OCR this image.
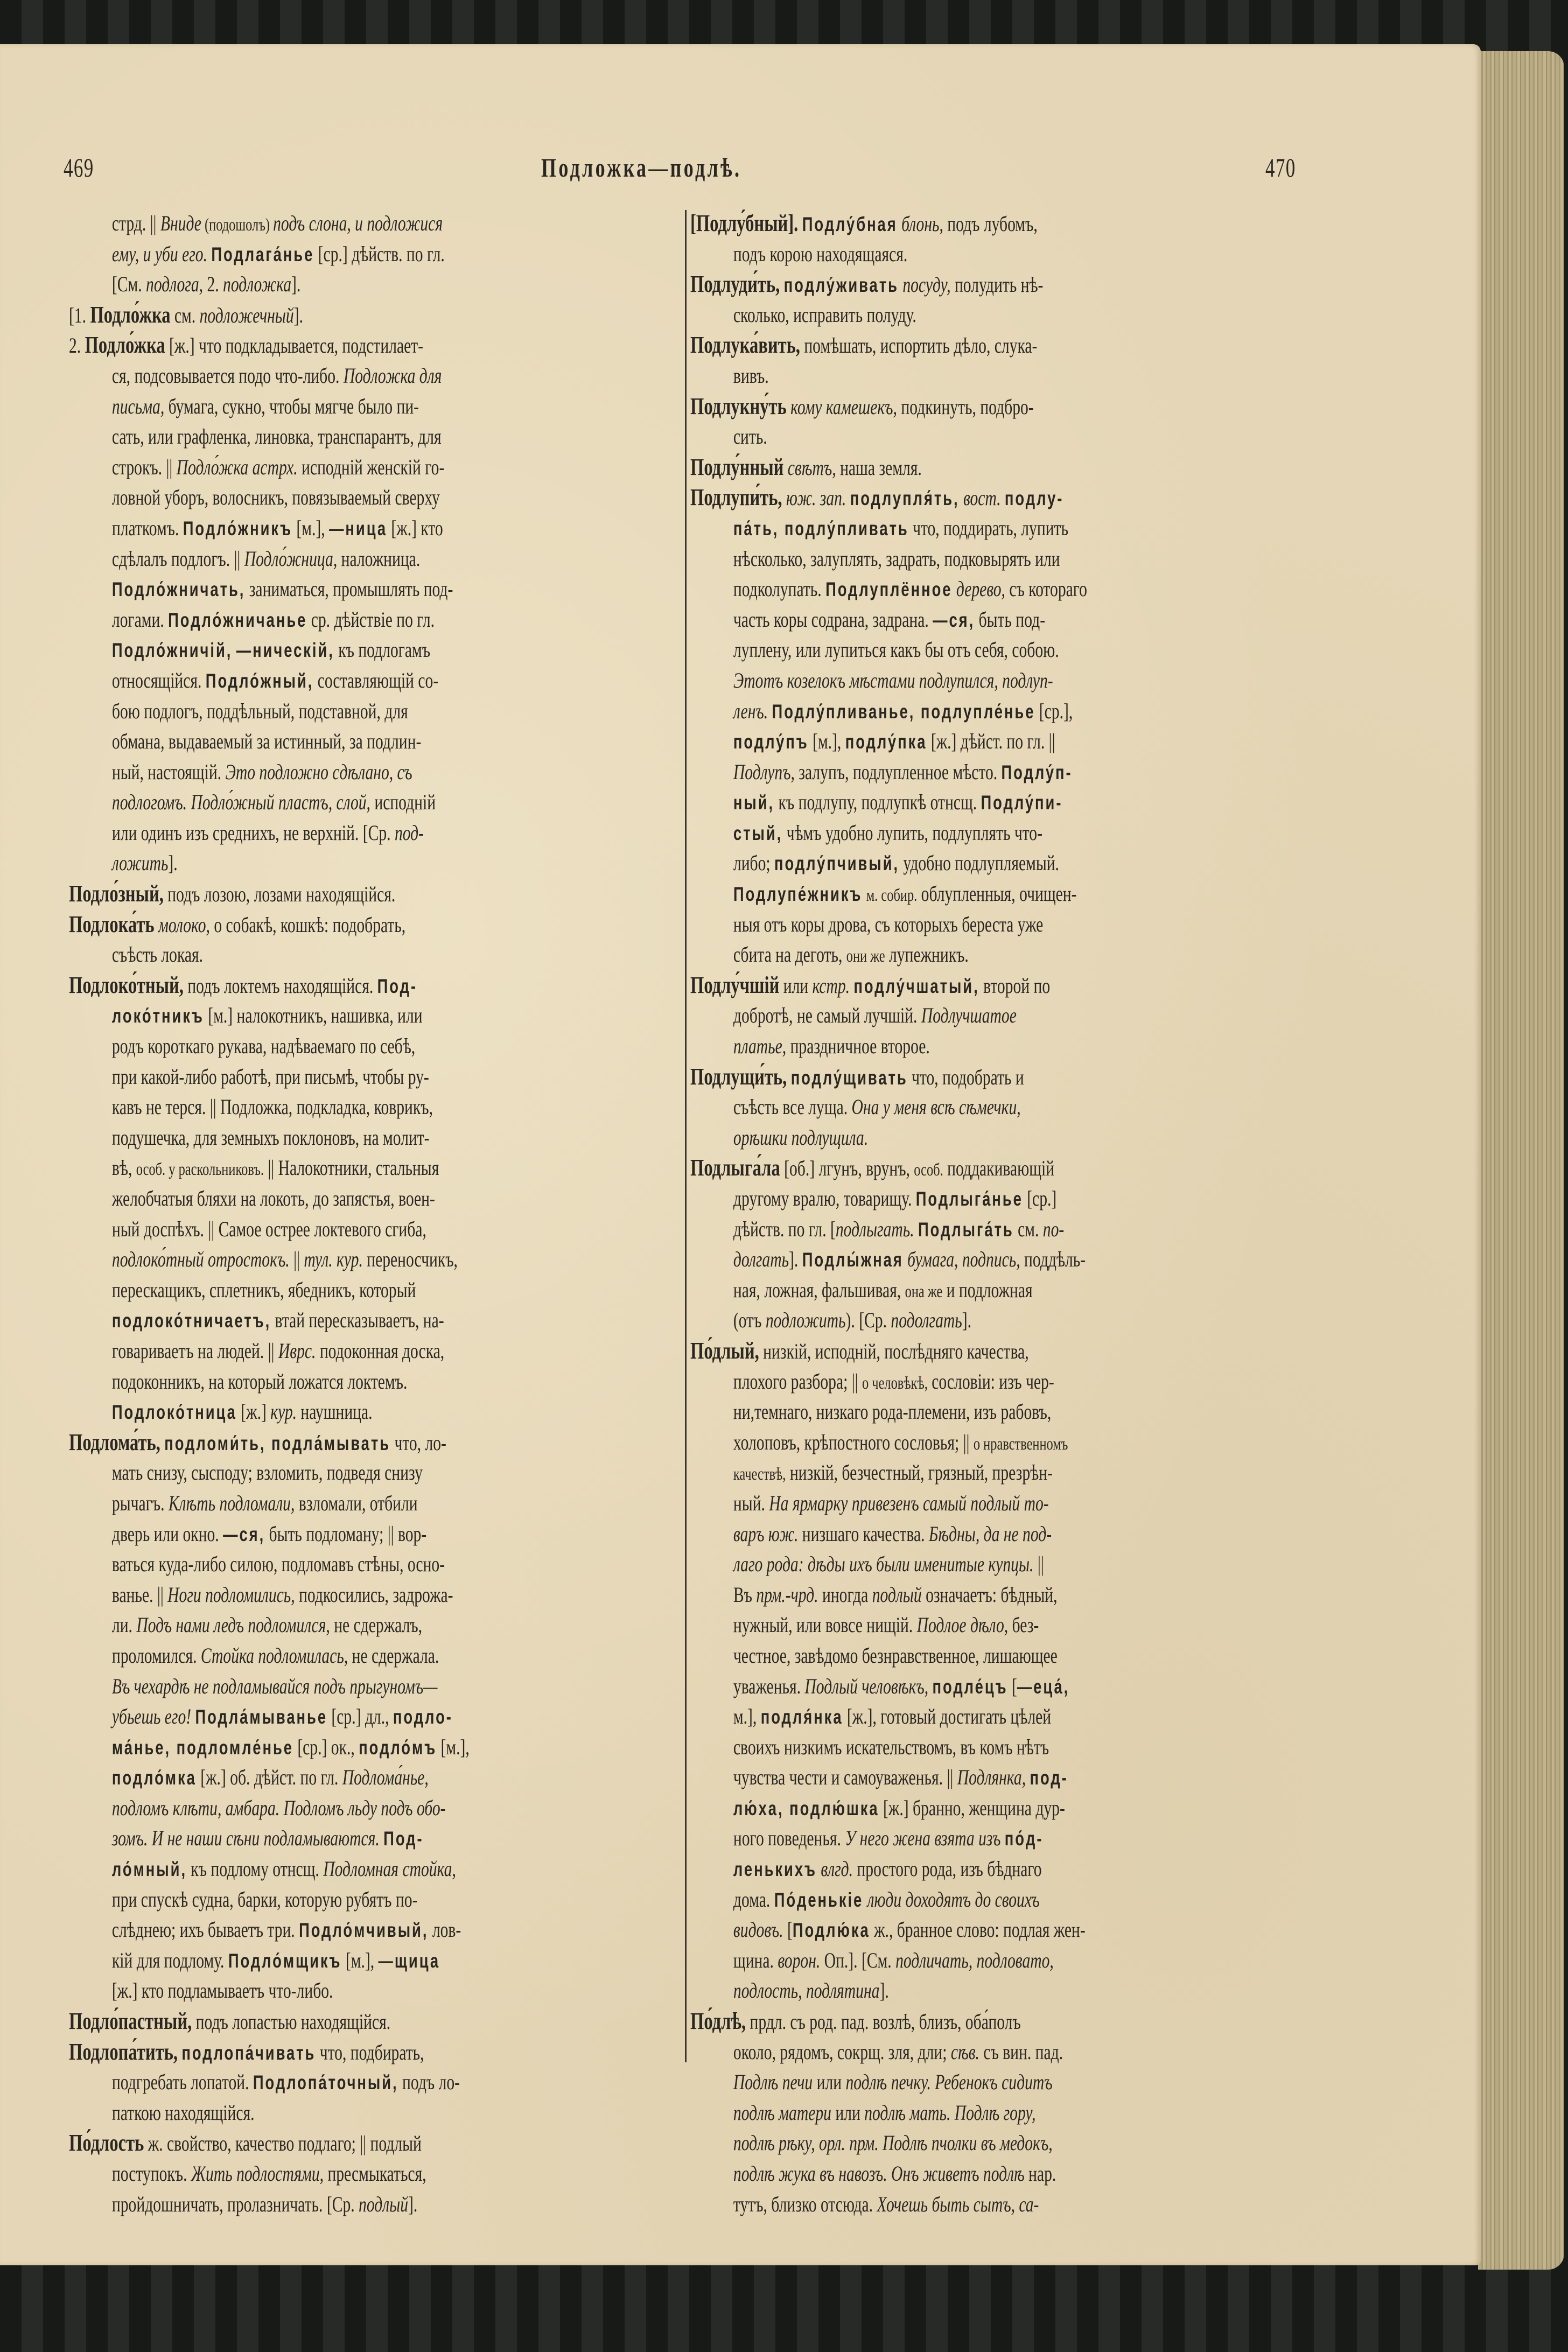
469	Подложка—подлѣ.	470
стрд. || Вниде (подошолъ) подъ слона, и подложися
ему, и уби его. Подлага́нье [ср.] дѣйств. по гл.
[См. подлога, 2. подложка].
[1. Подло́жка см. подложечный].
2. Подло́жка [ж.] что подкладывается, подстилает-
ся, подсовывается подо что-либо. Подложка для
письма, бумага, сукно, чтобы мягче было пи-
сать, или графленка, линовка, транспарантъ, для
строкъ. || Подло́жка астрх. исподній женскій го-
ловной уборъ, волосникъ, повязываемый сверху
платкомъ. Подло́жникъ [м.], —ница [ж.] кто
сдѣлалъ подлогъ. || Подло́жница, наложница.
Подло́жничать, заниматься, промышлять под-
логами. Подло́жничанье ср. дѣйствіе по гл.
Подло́жничій, —ническій, къ подлогамъ
относящійся. Подло́жный, составляющій со-
бою подлогъ, поддѣльный, подставной, для
обмана, выдаваемый за истинный, за подлин-
ный, настоящій. Это подложно сдѣлано, съ
подлогомъ. Подло́жный пластъ, слой, исподній
или одинъ изъ среднихъ, не верхній. [Ср. под-
ложить].
Подло́зный, подъ лозою, лозами находящійся.
Подлока́ть молоко, о собакѣ, кошкѣ: подобрать,
съѣсть локая.
Подлоко́тный, подъ локтемъ находящійся. Под-
локо́тникъ [м.] налокотникъ, нашивка, или
родъ короткаго рукава, надѣваемаго по себѣ,
при какой-либо работѣ, при письмѣ, чтобы ру-
кавъ не терся. || Подложка, подкладка, коврикъ,
подушечка, для земныхъ поклоновъ, на молит-
вѣ, особ. у раскольниковъ. || Налокотники, стальныя
желобчатыя бляхи на локоть, до запястья, воен-
ный доспѣхъ. || Самое острее локтевого сгиба,
подлоко́тный отростокъ. || тул. кур. переносчикъ,
перескащикъ, сплетникъ, ябедникъ, который
подлоко́тничаетъ, втай пересказываетъ, на-
говариваетъ на людей. || Иврс. подоконная доска,
подоконникъ, на который ложатся локтемъ.
Подлоко́тница [ж.] кур. наушница.
Подлома́ть, подломи́ть, подла́мывать что, ло-
мать снизу, сысподу; взломить, подведя снизу
рычагъ. Клѣть подломали, взломали, отбили
дверь или окно. —ся, быть подломану; || вор-
ваться куда-либо силою, подломавъ стѣны, осно-
ванье. || Ноги подломились, подкосились, задрожа-
ли. Подъ нами ледъ подломился, не сдержалъ,
проломился. Стойка подломилась, не сдержала.
Въ чехардѣ не подламывайся подъ прыгуномъ—
убьешь его! Подла́мыванье [ср.] дл., подло-
ма́нье, подломле́нье [ср.] ок., подло́мъ [м.],
подло́мка [ж.] об. дѣйст. по гл. Подлома́нье,
подломъ клѣти, амбара. Подломъ льду подъ обо-
зомъ. И не наши сѣни подламываются. Под-
ло́мный, къ подлому отнсщ. Подломная стойка,
при спускѣ судна, барки, которую рубятъ по-
слѣднею; ихъ бываетъ три. Подло́мчивый, лов-
кій для подлому. Подло́мщикъ [м.], —щица
[ж.] кто подламываетъ что-либо.
Подло́пастный, подъ лопастью находящійся.
Подлопа́тить, подлопа́чивать что, подбирать,
подгребать лопатой. Подлопа́точный, подъ ло-
паткою находящійся.
По́длость ж. свойство, качество подлаго; || подлый
поступокъ. Жить подлостями, пресмыкаться,
пройдошничать, пролазничать. [Ср. подлый].
[Подлу́бный]. Подлу́бная блонь, подъ лубомъ,
подъ корою находящаяся.
Подлуди́ть, подлу́живать посуду, полудить нѣ-
сколько, исправить полуду.
Подлука́вить, помѣшать, испортить дѣло, слука-
вивъ.
Подлукну́ть кому камешекъ, подкинуть, подбро-
сить.
Подлу́нный свѣтъ, наша земля.
Подлупи́ть, юж. зап. подлупля́ть, вост. подлу-
па́ть, подлу́пливать что, поддирать, лупить
нѣсколько, залуплять, задрать, подковырять или
подколупать. Подлуплённое дерево, съ котораго
часть коры содрана, задрана. —ся, быть под-
луплену, или лупиться какъ бы отъ себя, собою.
Этотъ козелокъ мѣстами подлупился, подлуп-
ленъ. Подлу́пливанье, подлупле́нье [ср.],
подлу́пъ [м.], подлу́пка [ж.] дѣйст. по гл. ||
Подлупъ, залупъ, подлупленное мѣсто. Подлу́п-
ный, къ подлупу, подлупкѣ отнсщ. Подлу́пи-
стый, чѣмъ удобно лупить, подлуплять что-
либо; подлу́пчивый, удобно подлупляемый.
Подлупе́жникъ м. собир. облупленныя, очищен-
ныя отъ коры дрова, съ которыхъ береста уже
сбита на деготь, они же лупежникъ.
Подлу́чшій или кстр. подлу́чшатый, второй по
добротѣ, не самый лучшій. Подлучшатое
платье, праздничное второе.
Подлущи́ть, подлу́щивать что, подобрать и
съѣсть все луща. Она у меня всѣ сѣмечки,
орѣшки подлущила.
Подлыга́ла [об.] лгунъ, врунъ, особ. поддакивающій
другому вралю, товарищу. Подлыга́нье [ср.]
дѣйств. по гл. [подлыгать. Подлыга́ть см. по-
долгать]. Подлы́жная бумага, подпись, поддѣль-
ная, ложная, фальшивая, она же и подложная
(отъ подложить). [Ср. подолгать].
По́длый, низкій, исподній, послѣдняго качества,
плохого разбора; || о человѣкѣ, сословіи: изъ чер-
ни,темнаго, низкаго рода-племени, изъ рабовъ,
холоповъ, крѣпостного сословья; || о нравственномъ
качествѣ, низкій, безчестный, грязный, презрѣн-
ный. На ярмарку привезенъ самый подлый то-
варъ юж. низшаго качества. Бѣдны, да не под-
лаго рода: дѣды ихъ были именитые купцы. ||
Въ прм.-чрд. иногда подлый означаетъ: бѣдный,
нужный, или вовсе нищій. Подлое дѣло, без-
честное, завѣдомо безнравственное, лишающее
уваженья. Подлый человѣкъ, подле́цъ [—еца́,
м.], подля́нка [ж.], готовый достигать цѣлей
своихъ низкимъ искательствомъ, въ комъ нѣтъ
чувства чести и самоуваженья. || Подлянка, под-
лю́ха, подлю́шка [ж.] бранно, женщина дур-
ного поведенья. У него жена взята изъ по́д-
ленькихъ влгд. простого рода, изъ бѣднаго
дома. По́денькіе люди доходятъ до своихъ
видовъ. [Подлю́ка ж., бранное слово: подлая жен-
щина. ворон. Оп.]. [См. подличать, подловато,
подлость, подлятина].
По́длѣ, прдл. съ род. пад. возлѣ, близъ, оба́полъ
около, рядомъ, сокрщ. зля, дли; сѣв. съ вин. пад.
Подлѣ печи или подлѣ печку. Ребенокъ сидитъ
подлѣ матери или подлѣ мать. Подлѣ гору,
подлѣ рѣку, орл. прм. Подлѣ пчолки въ медокъ,
подлѣ жука въ навозъ. Онъ живетъ подлѣ нар.
тутъ, близко отсюда. Хочешь быть сытъ, са-
